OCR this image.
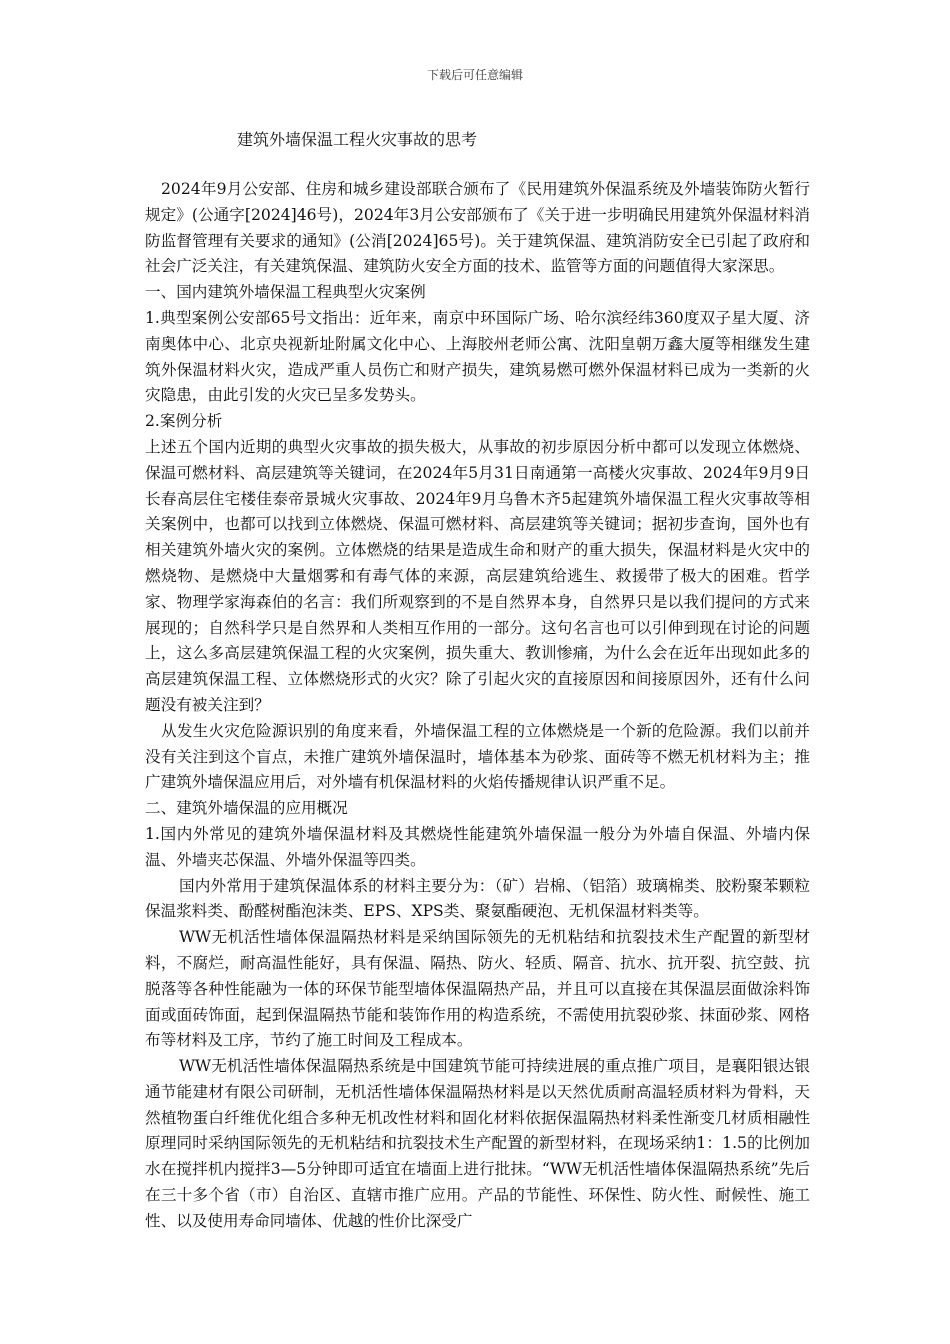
下载后可任意编辑
建筑外墙保温工程火灾事故的思考

2024年9月公安部、住房和城乡建设部联合颁布了《民用建筑外保温系统及外墙装饰防火暂行规定》(公通字[2024]46号)，2024年3月公安部颁布了《关于进一步明确民用建筑外保温材料消防监督管理有关要求的通知》(公消[2024]65号)。关于建筑保温、建筑消防安全已引起了政府和社会广泛关注，有关建筑保温、建筑防火安全方面的技术、监管等方面的问题值得大家深思。

一、国内建筑外墙保温工程典型火灾案例

1.典型案例公安部65号文指出：近年来，南京中环国际广场、哈尔滨经纬360度双子星大厦、济南奥体中心、北京央视新址附属文化中心、上海胶州老师公寓、沈阳皇朝万鑫大厦等相继发生建筑外保温材料火灾，造成严重人员伤亡和财产损失，建筑易燃可燃外保温材料已成为一类新的火灾隐患，由此引发的火灾已呈多发势头。

2.案例分析

上述五个国内近期的典型火灾事故的损失极大，从事故的初步原因分析中都可以发现立体燃烧、保温可燃材料、高层建筑等关键词，在2024年5月31日南通第一高楼火灾事故、2024年9月9日长春高层住宅楼佳泰帝景城火灾事故、2024年9月乌鲁木齐5起建筑外墙保温工程火灾事故等相关案例中，也都可以找到立体燃烧、保温可燃材料、高层建筑等关键词；据初步查询，国外也有相关建筑外墙火灾的案例。立体燃烧的结果是造成生命和财产的重大损失，保温材料是火灾中的燃烧物、是燃烧中大量烟雾和有毒气体的来源，高层建筑给逃生、救援带了极大的困难。哲学家、物理学家海森伯的名言：我们所观察到的不是自然界本身，自然界只是以我们提问的方式来展现的；自然科学只是自然界和人类相互作用的一部分。这句名言也可以引伸到现在讨论的问题上，这么多高层建筑保温工程的火灾案例，损失重大、教训惨痛，为什么会在近年出现如此多的高层建筑保温工程、立体燃烧形式的火灾？除了引起火灾的直接原因和间接原因外，还有什么问题没有被关注到？

从发生火灾危险源识别的角度来看，外墙保温工程的立体燃烧是一个新的危险源。我们以前并没有关注到这个盲点，未推广建筑外墙保温时，墙体基本为砂浆、面砖等不燃无机材料为主；推广建筑外墙保温应用后，对外墙有机保温材料的火焰传播规律认识严重不足。

二、建筑外墙保温的应用概况

1.国内外常见的建筑外墙保温材料及其燃烧性能建筑外墙保温一般分为外墙自保温、外墙内保温、外墙夹芯保温、外墙外保温等四类。

国内外常用于建筑保温体系的材料主要分为：（矿）岩棉、（铝箔）玻璃棉类、胶粉聚苯颗粒保温浆料类、酚醛树酯泡沫类、EPS、XPS类、聚氨酯硬泡、无机保温材料类等。

WW无机活性墙体保温隔热材料是采纳国际领先的无机粘结和抗裂技术生产配置的新型材料，不腐烂，耐高温性能好，具有保温、隔热、防火、轻质、隔音、抗水、抗开裂、抗空鼓、抗脱落等各种性能融为一体的环保节能型墙体保温隔热产品，并且可以直接在其保温层面做涂料饰面或面砖饰面，起到保温隔热节能和装饰作用的构造系统，不需使用抗裂砂浆、抹面砂浆、网格布等材料及工序，节约了施工时间及工程成本。

WW无机活性墙体保温隔热系统是中国建筑节能可持续进展的重点推广项目，是襄阳银达银通节能建材有限公司研制，无机活性墙体保温隔热材料是以天然优质耐高温轻质材料为骨料，天然植物蛋白纤维优化组合多种无机改性材料和固化材料依据保温隔热材料柔性渐变几材质相融性原理同时采纳国际领先的无机粘结和抗裂技术生产配置的新型材料，在现场采纳1：1.5的比例加水在搅拌机内搅拌3—5分钟即可适宜在墙面上进行批抹。“WW无机活性墙体保温隔热系统”先后在三十多个省（市）自治区、直辖市推广应用。产品的节能性、环保性、防火性、耐候性、施工性、以及使用寿命同墙体、优越的性价比深受广
